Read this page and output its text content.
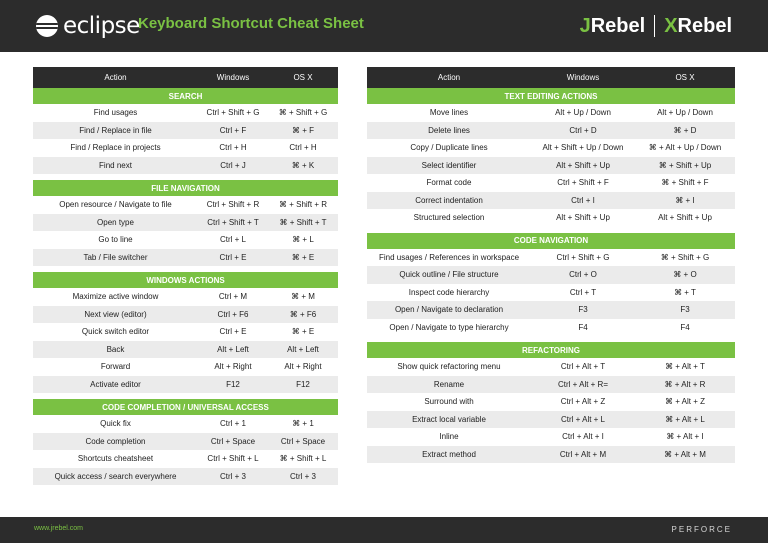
eclipse
Keyboard Shortcut Cheat Sheet	J Rebel X Rebel
Action	Windows	OS X
SEARCH
Find usages	Ctrl + Shift + G	⌘ + Shift + G
Find / Replace in file	Ctrl + F	⌘ + F
Find / Replace in projects	Ctrl + H	Ctrl + H
Find next	Ctrl + J	⌘ + K
FILE NAVIGATION
Open resource / Navigate to file	Ctrl + Shift + R	⌘ + Shift + R
Open type	Ctrl + Shift + T	⌘ + Shift + T
Go to line	Ctrl + L	⌘ + L
Tab / File switcher	Ctrl + E	⌘ + E
WINDOWS ACTIONS
Maximize active window	Ctrl + M	⌘ + M
Next view (editor)	Ctrl + F6	⌘ + F6
Quick switch editor	Ctrl + E	⌘ + E
Back	Alt + Left	Alt + Left
Forward	Alt + Right	Alt + Right
Activate editor	F12	F12
CODE COMPLETION / UNIVERSAL ACCESS
Quick fix	Ctrl + 1	⌘ + 1
Code completion	Ctrl + Space	Ctrl + Space
Shortcuts cheatsheet	Ctrl + Shift + L	⌘ + Shift + L
Quick access / search everywhere	Ctrl + 3	Ctrl + 3
Action	Windows	OS X
TEXT EDITING ACTIONS
Move lines	Alt + Up / Down	Alt + Up / Down
Delete lines	Ctrl + D	⌘ + D
Copy / Duplicate lines	Alt + Shift + Up / Down	⌘ + Alt + Up / Down
Select identifier	Alt + Shift + Up	⌘ + Shift + Up
Format code	Ctrl + Shift + F	⌘ + Shift + F
Correct indentation	Ctrl + I	⌘ + I
Structured selection	Alt + Shift + Up	Alt + Shift + Up
CODE NAVIGATION
Find usages / References in workspace	Ctrl + Shift + G	⌘ + Shift + G
Quick outline / File structure	Ctrl + O	⌘ + O
Inspect code hierarchy	Ctrl + T	⌘ + T
Open / Navigate to declaration	F3	F3
Open / Navigate to type hierarchy	F4	F4
REFACTORING
Show quick refactoring menu	Ctrl + Alt + T	⌘ + Alt + T
Rename	Ctrl + Alt + R=	⌘ + Alt + R
Surround with	Ctrl + Alt + Z	⌘ + Alt + Z
Extract local variable	Ctrl + Alt + L	⌘ + Alt + L
Inline	Ctrl + Alt + I	⌘ + Alt + I
Extract method	Ctrl + Alt + M	⌘ + Alt + M
www.jrebel.com	PERFORCE
